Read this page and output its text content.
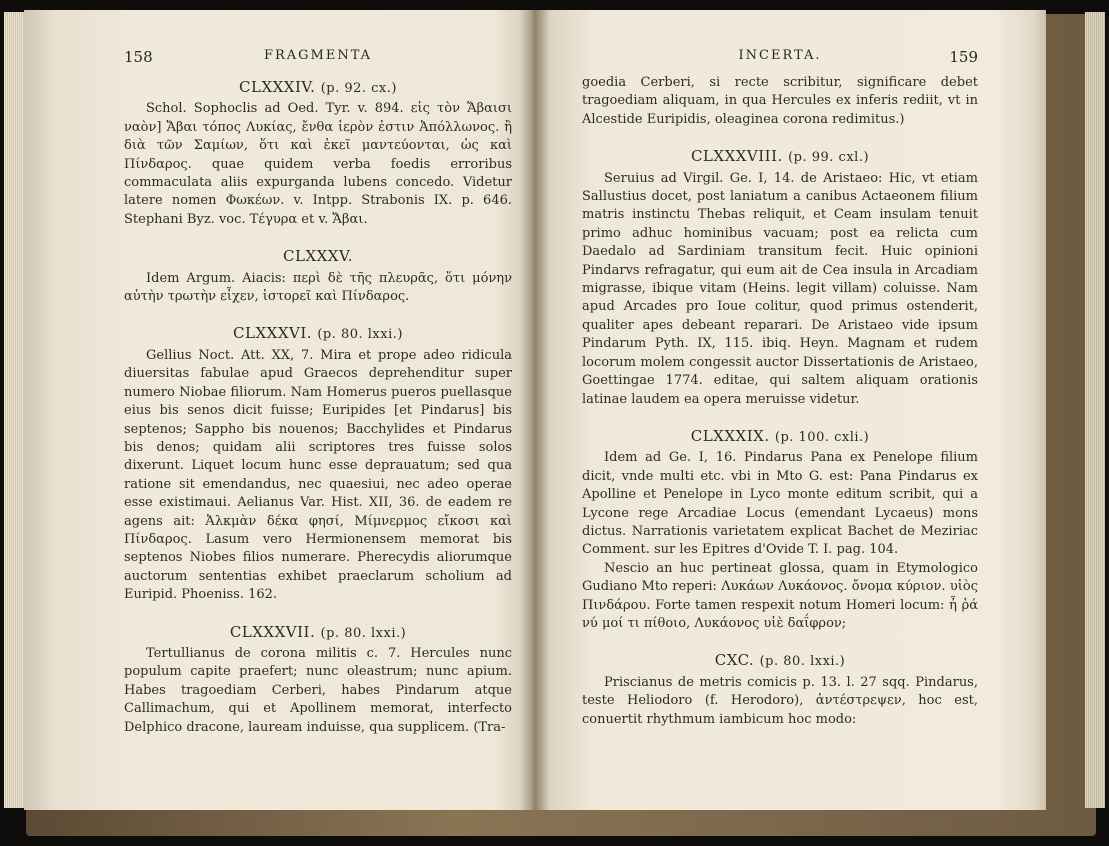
158	FRAGMENTA
CLXXXIV. (p. 92. cx.)

Schol. Sophoclis ad Oed. Tyr. v. 894. εἰς τὸν Ἄβαισι ναὸν] Ἄβαι τόπος Λυκίας, ἔνθα ἱερὸν ἐστιν Ἀπόλλωνος. ἢ διὰ τῶν Σαμίων, ὅτι καὶ ἐκεῖ μαντεύονται, ὡς καὶ Πίνδαρος. quae quidem verba foedis erroribus commaculata aliis expurganda lubens concedo. Videtur latere nomen Φωκέων. v. Intpp. Strabonis IX. p. 646. Stephani Byz. voc. Τέγυρα et v. Ἄβαι.

CLXXXV.

Idem Argum. Aiacis: περὶ δὲ τῆς πλευρᾶς, ὅτι μόνην αὐτὴν τρωτὴν εἶχεν, ἱστορεῖ καὶ Πίνδαρος.

CLXXXVI. (p. 80. lxxi.)

Gellius Noct. Att. XX, 7. Mira et prope adeo ridicula diuersitas fabulae apud Graecos deprehenditur super numero Niobae filiorum. Nam Homerus pueros puellasque eius bis senos dicit fuisse; Euripides [et Pindarus] bis septenos; Sappho bis nouenos; Bacchylides et Pindarus bis denos; quidam alii scriptores tres fuisse solos dixerunt. Liquet locum hunc esse deprauatum; sed qua ratione sit emendandus, nec quaesiui, nec adeo operae esse existimaui. Aelianus Var. Hist. XII, 36. de eadem re agens ait: Ἀλκμὰν δέκα φησί, Μίμνερμος εἴκοσι καὶ Πίνδαρος. Lasum vero Hermionensem memorat bis septenos Niobes filios numerare. Pherecydis aliorumque auctorum sententias exhibet praeclarum scholium ad Euripid. Phoeniss. 162.

CLXXXVII. (p. 80. lxxi.)

Tertullianus de corona militis c. 7. Hercules nunc populum capite praefert; nunc oleastrum; nunc apium. Habes tragoediam Cerberi, habes Pindarum atque Callimachum, qui et Apollinem memorat, interfecto Delphico dracone, lauream induisse, qua supplicem. (Tra-

INCERTA.	159

goedia Cerberi, si recte scribitur, significare debet tragoediam aliquam, in qua Hercules ex inferis rediit, vt in Alcestide Euripidis, oleaginea corona redimitus.)

CLXXXVIII. (p. 99. cxl.)

Seruius ad Virgil. Ge. I, 14. de Aristaeo: Hic, vt etiam Sallustius docet, post laniatum a canibus Actaeonem filium matris instinctu Thebas reliquit, et Ceam insulam tenuit primo adhuc hominibus vacuam; post ea relicta cum Daedalo ad Sardiniam transitum fecit. Huic opinioni Pindarvs refragatur, qui eum ait de Cea insula in Arcadiam migrasse, ibique vitam (Heins. legit villam) coluisse. Nam apud Arcades pro Ioue colitur, quod primus ostenderit, qualiter apes debeant reparari. De Aristaeo vide ipsum Pindarum Pyth. IX, 115. ibiq. Heyn. Magnam et rudem locorum molem congessit auctor Dissertationis de Aristaeo, Goettingae 1774. editae, qui saltem aliquam orationis latinae laudem ea opera meruisse videtur.

CLXXXIX. (p. 100. cxli.)

Idem ad Ge. I, 16. Pindarus Pana ex Penelope filium dicit, vnde multi etc. vbi in Mto G. est: Pana Pindarus ex Apolline et Penelope in Lyco monte editum scribit, qui a Lycone rege Arcadiae Locus (emendant Lycaeus) mons dictus. Narrationis varietatem explicat Bachet de Meziriac Comment. sur les Epitres d'Ovide T. I. pag. 104.

Nescio an huc pertineat glossa, quam in Etymologico Gudiano Mto reperi: Λυκάων Λυκάονος. ὄνομα κύριον. υἱὸς Πινδάρου. Forte tamen respexit notum Homeri locum: ἦ ῥά νύ μοί τι πίθοιο, Λυκάονος υἱὲ δαΐφρον;

CXC. (p. 80. lxxi.)

Priscianus de metris comicis p. 13. l. 27 sqq. Pindarus, teste Heliodoro (f. Herodoro), ἀντέστρεψεν, hoc est, conuertit rhythmum iambicum hoc modo:
